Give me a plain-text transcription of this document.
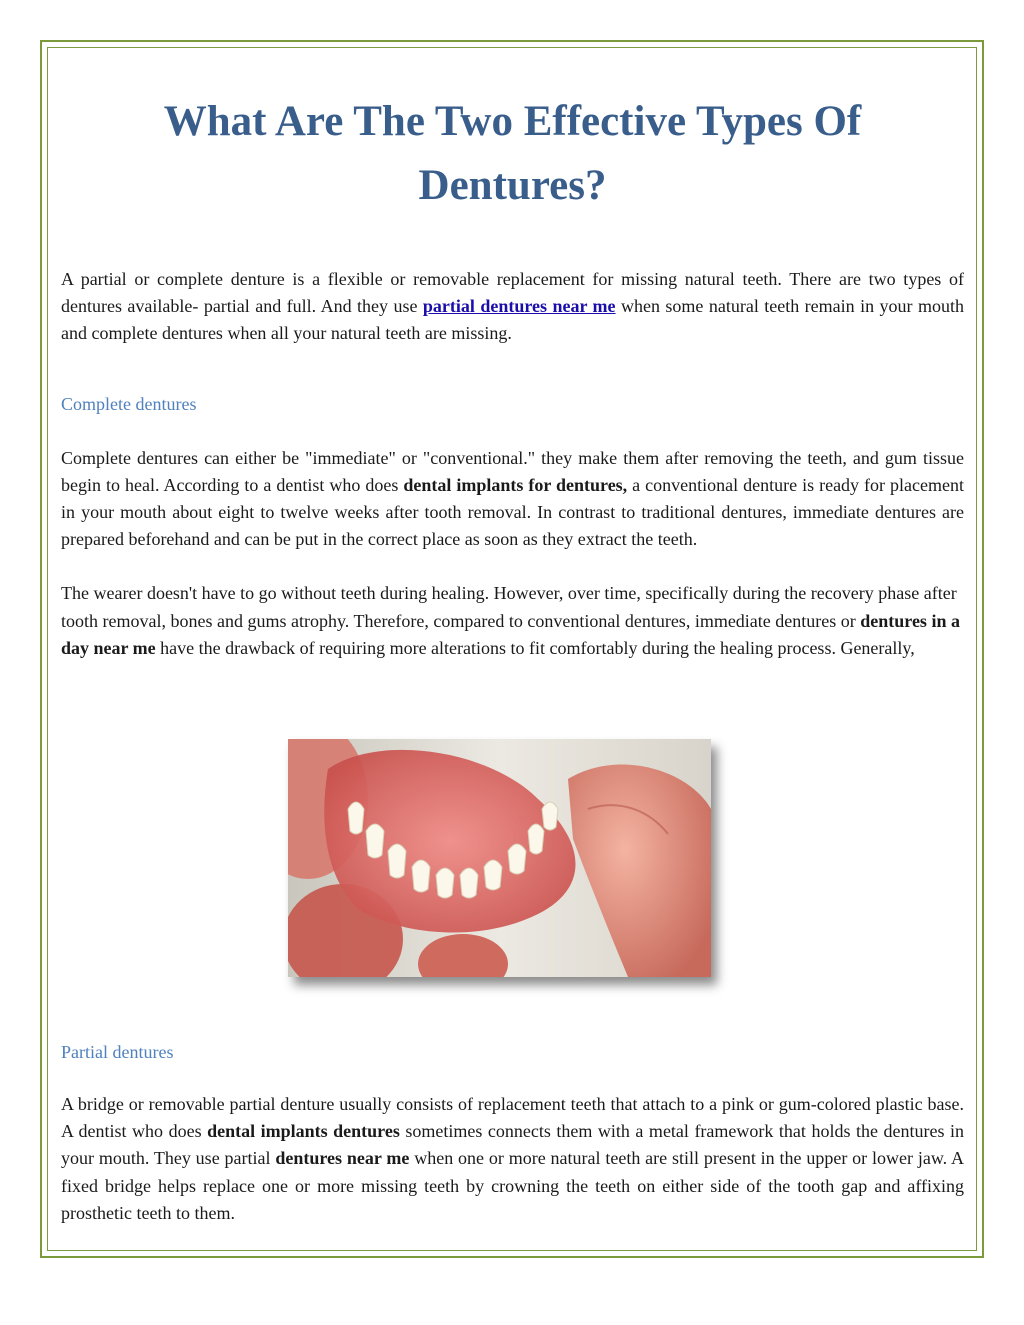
What Are The Two Effective Types Of
Dentures?

A partial or complete denture is a flexible or removable replacement for missing natural teeth. There are two types of dentures available- partial and full. And they use partial dentures near me when some natural teeth remain in your mouth and complete dentures when all your natural teeth are missing.

Complete dentures

Complete dentures can either be "immediate" or "conventional." they make them after removing the teeth, and gum tissue begin to heal. According to a dentist who does dental implants for dentures, a conventional denture is ready for placement in your mouth about eight to twelve weeks after tooth removal. In contrast to traditional dentures, immediate dentures are prepared beforehand and can be put in the correct place as soon as they extract the teeth.

The wearer doesn't have to go without teeth during healing. However, over time, specifically during the recovery phase after tooth removal, bones and gums atrophy. Therefore, compared to conventional dentures, immediate dentures or dentures in a day near me have the drawback of requiring more alterations to fit comfortably during the healing process. Generally,

Partial dentures

A bridge or removable partial denture usually consists of replacement teeth that attach to a pink or gum-colored plastic base. A dentist who does dental implants dentures sometimes connects them with a metal framework that holds the dentures in your mouth. They use partial dentures near me when one or more natural teeth are still present in the upper or lower jaw. A fixed bridge helps replace one or more missing teeth by crowning the teeth on either side of the tooth gap and affixing prosthetic teeth to them.
